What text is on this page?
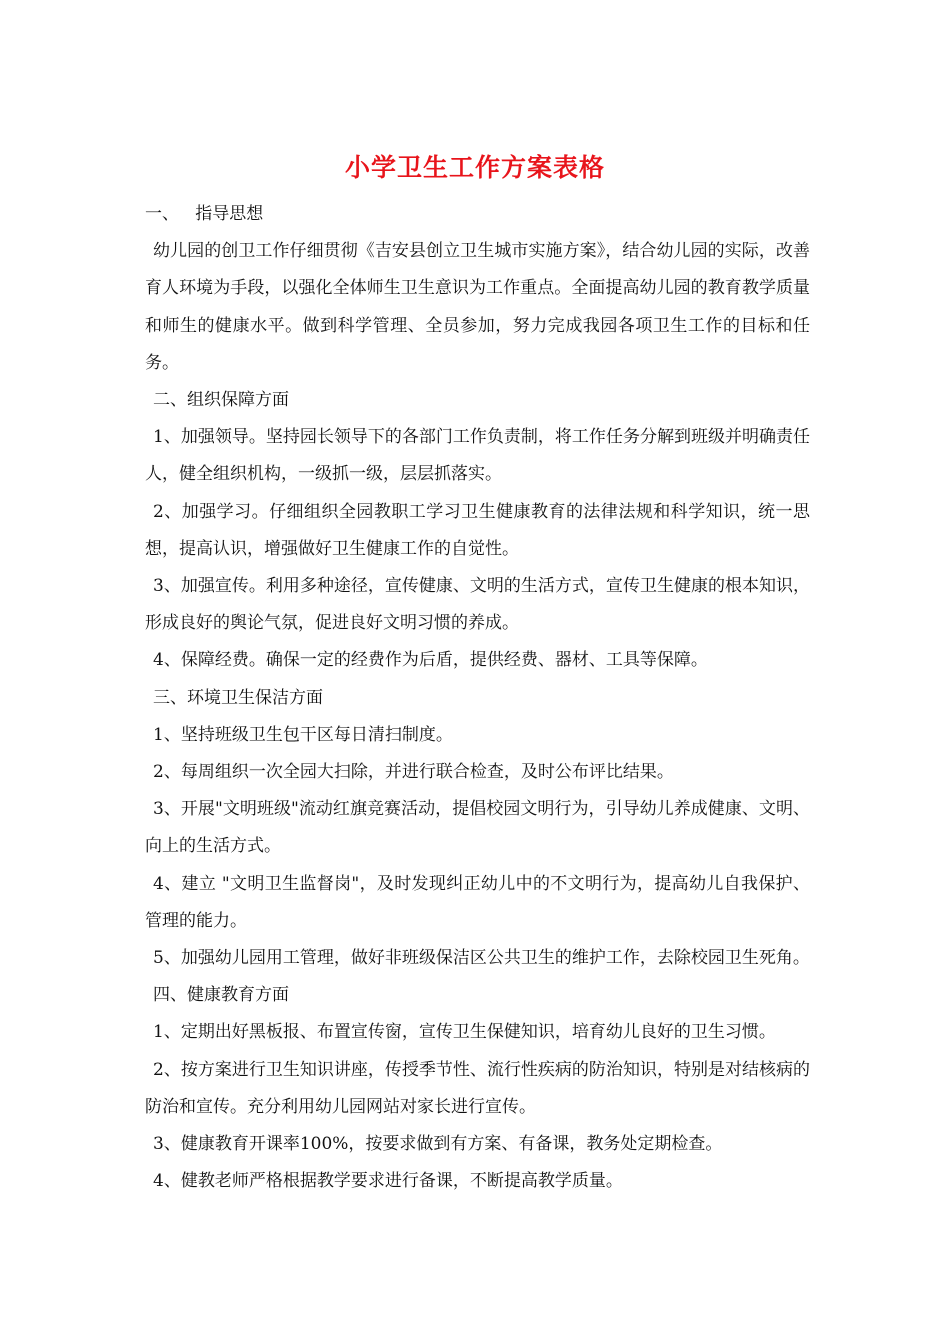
小学卫生工作方案表格

一、   指导思想

幼儿园的创卫工作仔细贯彻《吉安县创立卫生城市实施方案》，结合幼儿园的实际，改善育人环境为手段，以强化全体师生卫生意识为工作重点。全面提高幼儿园的教育教学质量和师生的健康水平。做到科学管理、全员参加，努力完成我园各项卫生工作的目标和任务。

二、组织保障方面

1、加强领导。坚持园长领导下的各部门工作负责制，将工作任务分解到班级并明确责任人，健全组织机构，一级抓一级，层层抓落实。

2、加强学习。仔细组织全园教职工学习卫生健康教育的法律法规和科学知识，统一思想，提高认识，增强做好卫生健康工作的自觉性。

3、加强宣传。利用多种途径，宣传健康、文明的生活方式，宣传卫生健康的根本知识，形成良好的舆论气氛，促进良好文明习惯的养成。

4、保障经费。确保一定的经费作为后盾，提供经费、器材、工具等保障。

三、环境卫生保洁方面

1、坚持班级卫生包干区每日清扫制度。

2、每周组织一次全园大扫除，并进行联合检查，及时公布评比结果。

3、开展"文明班级"流动红旗竞赛活动，提倡校园文明行为，引导幼儿养成健康、文明、向上的生活方式。

4、建立 "文明卫生监督岗"，及时发现纠正幼儿中的不文明行为，提高幼儿自我保护、管理的能力。

5、加强幼儿园用工管理，做好非班级保洁区公共卫生的维护工作，去除校园卫生死角。

四、健康教育方面

1、定期出好黑板报、布置宣传窗，宣传卫生保健知识，培育幼儿良好的卫生习惯。

2、按方案进行卫生知识讲座，传授季节性、流行性疾病的防治知识，特别是对结核病的防治和宣传。充分利用幼儿园网站对家长进行宣传。

3、健康教育开课率100%，按要求做到有方案、有备课，教务处定期检查。

4、健教老师严格根据教学要求进行备课，不断提高教学质量。
